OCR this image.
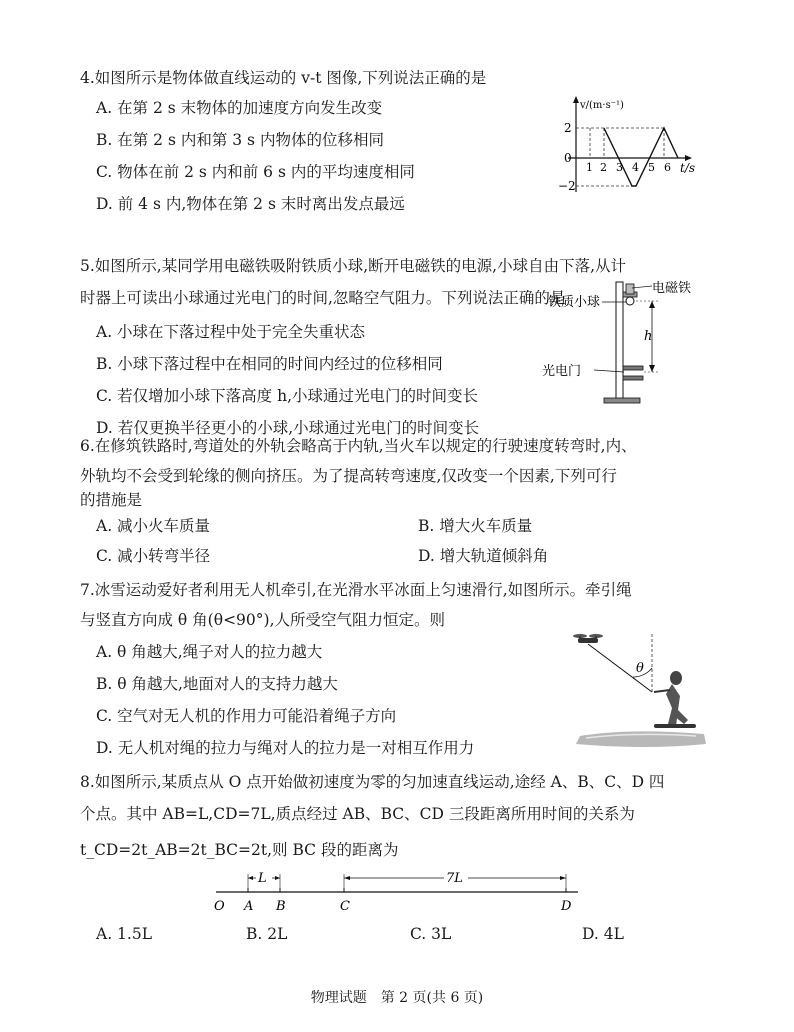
4.如图所示是物体做直线运动的 v-t 图像,下列说法正确的是
A. 在第 2 s 末物体的加速度方向发生改变
B. 在第 2 s 内和第 3 s 内物体的位移相同
C. 物体在前 2 s 内和前 6 s 内的平均速度相同
D. 前 4 s 内,物体在第 2 s 末时离出发点最远
v/(m·s⁻¹)
t/s
2
0
−2
1 2 3 4 5 6
5.如图所示,某同学用电磁铁吸附铁质小球,断开电磁铁的电源,小球自由下落,从计
时器上可读出小球通过光电门的时间,忽略空气阻力。下列说法正确的是
A. 小球在下落过程中处于完全失重状态
B. 小球下落过程中在相同的时间内经过的位移相同
C. 若仅增加小球下落高度 h,小球通过光电门的时间变长
D. 若仅更换半径更小的小球,小球通过光电门的时间变长
电磁铁
铁质小球
h
光电门
6.在修筑铁路时,弯道处的外轨会略高于内轨,当火车以规定的行驶速度转弯时,内、
外轨均不会受到轮缘的侧向挤压。为了提高转弯速度,仅改变一个因素,下列可行
的措施是
A. 减小火车质量	B. 增大火车质量
C. 减小转弯半径	D. 增大轨道倾斜角
7.冰雪运动爱好者利用无人机牵引,在光滑水平冰面上匀速滑行,如图所示。牵引绳
与竖直方向成 θ 角(θ<90°),人所受空气阻力恒定。则
A. θ 角越大,绳子对人的拉力越大
B. θ 角越大,地面对人的支持力越大
C. 空气对无人机的作用力可能沿着绳子方向
D. 无人机对绳的拉力与绳对人的拉力是一对相互作用力
θ
8.如图所示,某质点从 O 点开始做初速度为零的匀加速直线运动,途经 A、B、C、D 四
个点。其中 AB=L,CD=7L,质点经过 AB、BC、CD 三段距离所用时间的关系为
t_CD=2t_AB=2t_BC=2t,则 BC 段的距离为
L	7L
O A B	C	D
A. 1.5L	B. 2L	C. 3L	D. 4L
物理试题　第 2 页(共 6 页)
